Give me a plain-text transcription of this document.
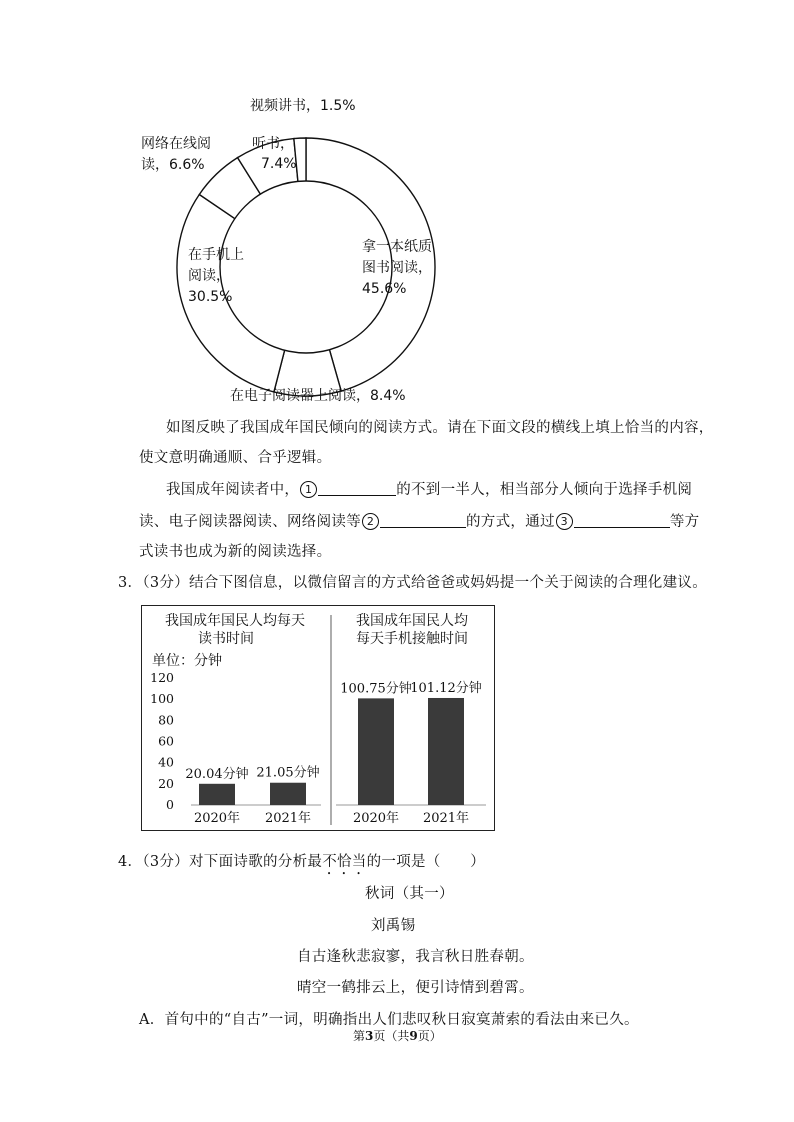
视频讲书，1.5%
网络在线阅
读，6.6%
听书，
7.4%
在手机上
阅读，
30.5%
拿一本纸质
图书阅读，
45.6%
在电子阅读器上阅读，8.4%
如图反映了我国成年国民倾向的阅读方式。请在下面文段的横线上填上恰当的内容，
使文意明确通顺、合乎逻辑。
我国成年阅读者中， 1	的不到一半人，相当部分人倾向于选择手机阅
读、电子阅读器阅读、网络阅读等 2	的方式，通过 3	等方
式读书也成为新的阅读选择。
3．（3分）结合下图信息，以微信留言的方式给爸爸或妈妈提一个关于阅读的合理化建议。
120
100
80
60
40
20
0
20.04分钟
2020年
21.05分钟
2021年
100.75分钟
2020年
101.12分钟
2021年
我国成年国民人均每天
读书时间
我国成年国民人均
每天手机接触时间
单位：分钟
4．（3分）对下面诗歌的分析最不恰当的一项是（　　）
秋词（其一）
刘禹锡
自古逢秋悲寂寥，我言秋日胜春朝。
晴空一鹤排云上，便引诗情到碧霄。
A．首句中的“自古”一词，明确指出人们悲叹秋日寂寞萧索的看法由来已久。
第3页（共9页）
